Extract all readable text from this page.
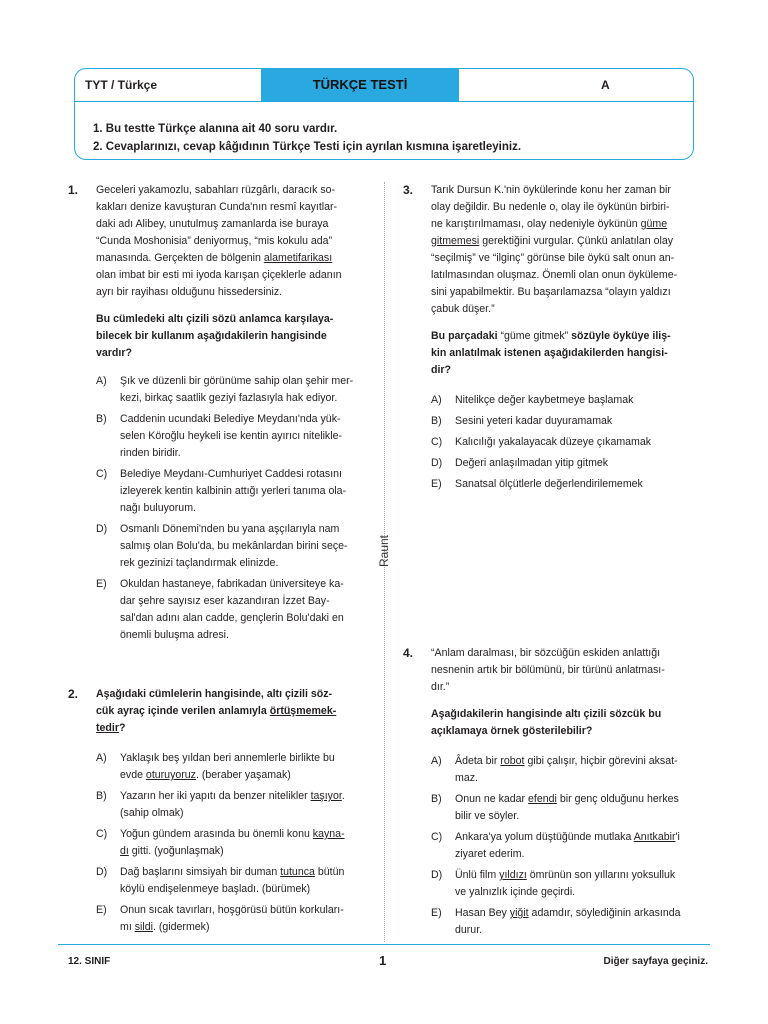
TYT / Türkçe	TÜRKÇE TESTİ	A
1. Bu testte Türkçe alanına ait 40 soru vardır.
2. Cevaplarınızı, cevap kâğıdının Türkçe Testi için ayrılan kısmına işaretleyiniz.
1. Geceleri yakamozlu, sabahları rüzgârlı, daracık so-

kakları denize kavuşturan Cunda'nın resmî kayıtlar-

daki adı Alibey, unutulmuş zamanlarda ise buraya

“Cunda Moshonisia” deniyormuş, “mis kokulu ada”

manasında. Gerçekten de bölgenin alametifarikası

olan imbat bir esti mi iyoda karışan çiçeklerle adanın

ayrı bir rayihası olduğunu hissedersiniz.

Bu cümledeki altı çizili sözü anlamca karşılaya-

bilecek bir kullanım aşağıdakilerin hangisinde

vardır?

A) Şık ve düzenli bir görünüme sahip olan şehir mer-

kezi, birkaç saatlik geziyi fazlasıyla hak ediyor.

B) Caddenin ucundaki Belediye Meydanı'nda yük-

selen Köroğlu heykeli ise kentin ayırıcı nitelikle-

rinden biridir.

C) Belediye Meydanı-Cumhuriyet Caddesi rotasını

izleyerek kentin kalbinin attığı yerleri tanıma ola-

nağı buluyorum.

D) Osmanlı Dönemi'nden bu yana aşçılarıyla nam

salmış olan Bolu'da, bu mekânlardan birini seçe-

rek gezinizi taçlandırmak elinizde.

E) Okuldan hastaneye, fabrikadan üniversiteye ka-

dar şehre sayısız eser kazandıran İzzet Bay-

sal'dan adını alan cadde, gençlerin Bolu'daki en

önemli buluşma adresi.

2. Aşağıdaki cümlelerin hangisinde, altı çizili söz-

cük ayraç içinde verilen anlamıyla örtüşmemek-

tedir?

A) Yaklaşık beş yıldan beri annemlerle birlikte bu

evde oturuyoruz. (beraber yaşamak)

B) Yazarın her iki yapıtı da benzer nitelikler taşıyor.

(sahip olmak)

C) Yoğun gündem arasında bu önemli konu kayna-

dı gitti. (yoğunlaşmak)

D) Dağ başlarını simsiyah bir duman tutunca bütün

köylü endişelenmeye başladı. (bürümek)

E) Onun sıcak tavırları, hoşgörüsü bütün korkuları-

mı sildi. (gidermek)

Raunt
3. Tarık Dursun K.'nin öykülerinde konu her zaman bir

olay değildir. Bu nedenle o, olay ile öykünün birbiri-

ne karıştırılmaması, olay nedeniyle öykünün güme

gitmemesi gerektiğini vurgular. Çünkü anlatılan olay

“seçilmiş” ve “ilginç” görünse bile öykü salt onun an-

latılmasından oluşmaz. Önemli olan onun öyküleme-

sini yapabilmektir. Bu başarılamazsa “olayın yaldızı

çabuk düşer.”

Bu parçadaki “güme gitmek” sözüyle öyküye iliş-

kin anlatılmak istenen aşağıdakilerden hangisi-

dir?

A) Nitelikçe değer kaybetmeye başlamak

B) Sesini yeteri kadar duyuramamak

C) Kalıcılığı yakalayacak düzeye çıkamamak

D) Değeri anlaşılmadan yitip gitmek

E) Sanatsal ölçütlerle değerlendirilememek

4. “Anlam daralması, bir sözcüğün eskiden anlattığı

nesnenin artık bir bölümünü, bir türünü anlatması-

dır.”

Aşağıdakilerin hangisinde altı çizili sözcük bu

açıklamaya örnek gösterilebilir?

A) Âdeta bir robot gibi çalışır, hiçbir görevini aksat-

maz.

B) Onun ne kadar efendi bir genç olduğunu herkes

bilir ve söyler.

C) Ankara'ya yolum düştüğünde mutlaka Anıtkabir'i

ziyaret ederim.

D) Ünlü film yıldızı ömrünün son yıllarını yoksulluk

ve yalnızlık içinde geçirdi.

E) Hasan Bey yiğit adamdır, söylediğinin arkasında

durur.

12. SINIF	1	Diğer sayfaya geçiniz.
